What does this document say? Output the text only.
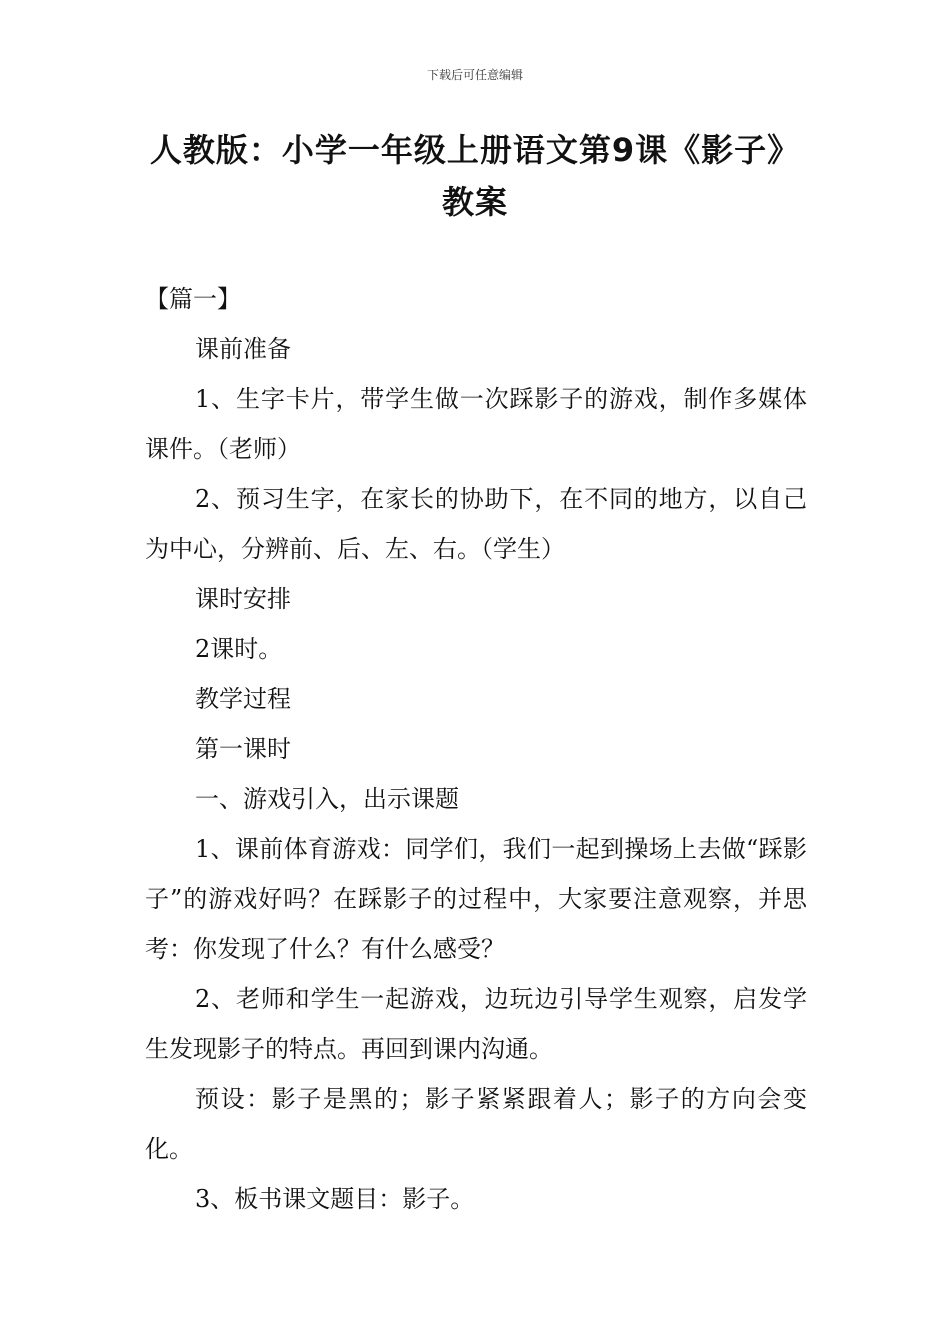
下载后可任意编辑
人教版：小学一年级上册语文第9课《影子》教案

【篇一】

课前准备

1、生字卡片，带学生做一次踩影子的游戏，制作多媒体课件。（老师）

2、预习生字，在家长的协助下，在不同的地方，以自己为中心，分辨前、后、左、右。（学生）

课时安排

2课时。

教学过程

第一课时

一、游戏引入，出示课题

1、课前体育游戏：同学们，我们一起到操场上去做“踩影子”的游戏好吗？在踩影子的过程中，大家要注意观察，并思考：你发现了什么？有什么感受？

2、老师和学生一起游戏，边玩边引导学生观察，启发学生发现影子的特点。再回到课内沟通。

预设：影子是黑的；影子紧紧跟着人；影子的方向会变化。

3、板书课文题目：影子。
